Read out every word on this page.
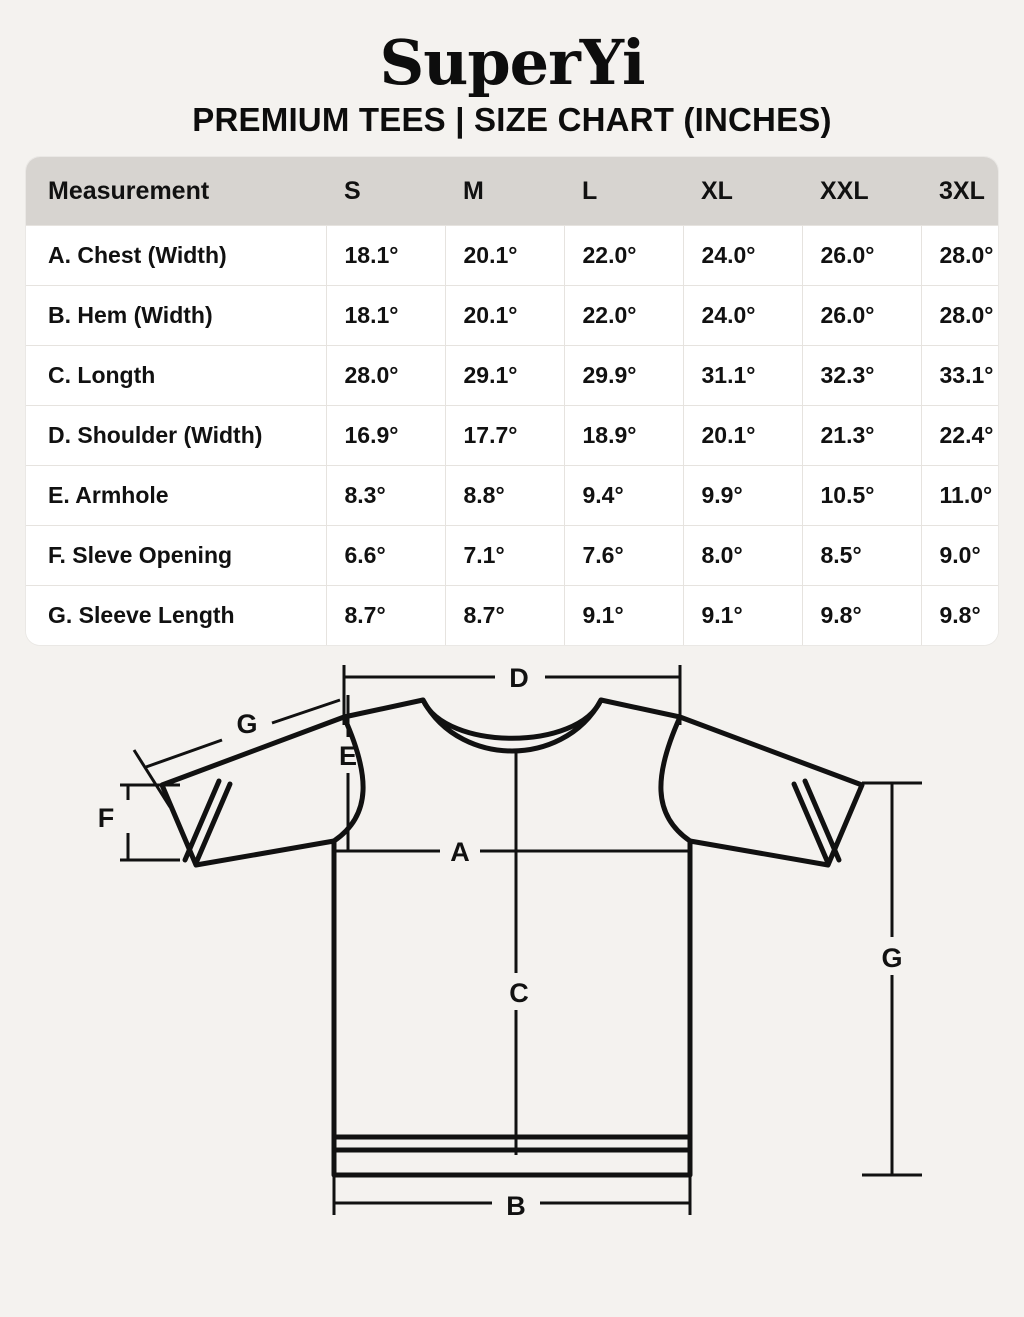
SuperYi
PREMIUM TEES | SIZE CHART (INCHES)
Measurement	S	M	L	XL	XXL	3XL	
A. Chest (Width)	18.1°	20.1°	22.0°	24.0°	26.0°	28.0°	
B. Hem (Width)	18.1°	20.1°	22.0°	24.0°	26.0°	28.0°	
C. Longth	28.0°	29.1°	29.9°	31.1°	32.3°	33.1°	
D. Shoulder (Width)	16.9°	17.7°	18.9°	20.1°	21.3°	22.4°	
E. Armhole	8.3°	8.8°	9.4°	9.9°	10.5°	11.0°	
F. Sleve Opening	6.6°	7.1°	7.6°	8.0°	8.5°	9.0°	
G. Sleeve Length	8.7°	8.7°	9.1°	9.1°	9.8°	9.8°	
D
G
F
E
A
C
B
G
